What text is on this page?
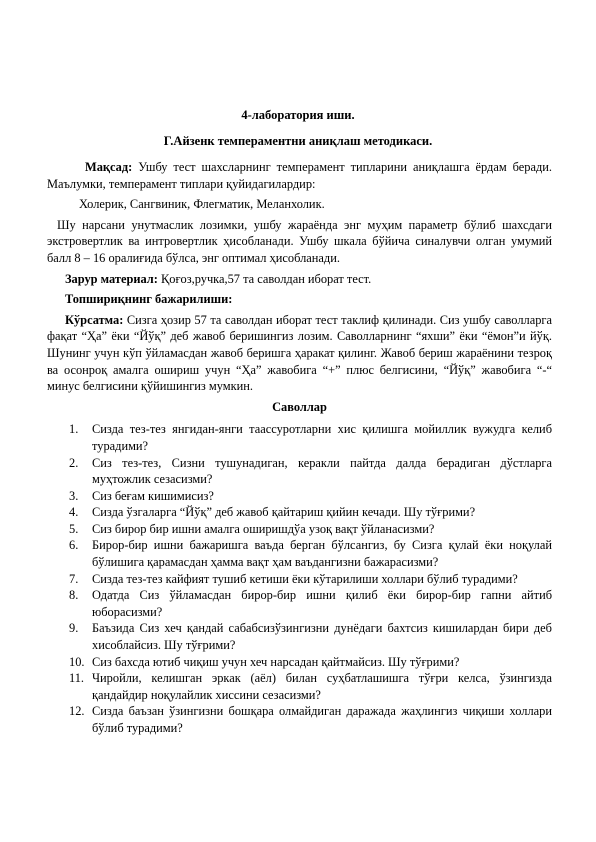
4-лаборатория иши.
Г.Айзенк темпераментни аниқлаш методикаси.

Мақсад: Ушбу тест шахсларнинг темперамент типларини аниқлашга ёрдам беради. Маълумки, темперамент типлари қуйидагилардир:

Холерик, Сангвиник, Флегматик, Меланхолик.

Шу нарсани унутмаслик лозимки, ушбу жараёнда энг муҳим параметр бўлиб шахсдаги экстровертлик ва интровертлик ҳисобланади. Ушбу шкала бўйича синалувчи олган умумий балл 8 – 16 оралиғида бўлса, энг оптимал ҳисобланади.

Зарур материал: Қоғоз,ручка,57 та саволдан иборат тест.

Топшириқнинг бажарилиши:

Кўрсатма: Сизга ҳозир 57 та саволдан иборат тест таклиф қилинади. Сиз ушбу саволларга фақат “Ҳа” ёки “Йўқ” деб жавоб беришингиз лозим. Саволларнинг “яхши” ёки “ёмон”и йўқ. Шунинг учун кўп ўйламасдан жавоб беришга ҳаракат қилинг. Жавоб бериш жараёнини тезроқ ва осонроқ амалга ошириш учун “Ҳа” жавобига “+” плюс белгисини, “Йўқ” жавобига “-“ минус белгисини қўйишингиз мумкин.

Саволлар
1.	Сизда тез-тез янгидан-янги таассуротларни хис қилишга мойиллик вужудга келиб турадими?
2.	Сиз тез-тез, Сизни тушунадиган, керакли пайтда далда берадиган дўстларга муҳтожлик сезасизми?
3.	Сиз беғам кишимисиз?
4.	Сизда ўзгаларга “Йўқ” деб жавоб қайтариш қийин кечади. Шу тўғрими?
5.	Сиз бирор бир ишни амалга оширишдўа узоқ вақт ўйланасизми?
6.	Бирор-бир ишни бажаришга ваъда берган бўлсангиз, бу Сизга қулай ёки ноқулай бўлишига қарамасдан ҳамма вақт ҳам ваъдангизни бажарасизми?
7.	Сизда тез-тез кайфият тушиб кетиши ёки кўтарилиши холлари бўлиб турадими?
8.	Одатда Сиз ўйламасдан бирор-бир ишни қилиб ёки бирор-бир гапни айтиб юборасизми?
9.	Баъзида Сиз хеч қандай сабабсизўзингизни дунёдаги бахтсиз кишилардан бири деб хисоблайсиз. Шу тўғрими?
10. Сиз бахсда ютиб чиқиш учун хеч нарсадан қайтмайсиз. Шу тўғрими?
11. Чиройли, келишган эркак (аёл) билан суҳбатлашишга тўғри келса, ўзингизда қандайдир ноқулайлик хиссини сезасизми?
12. Сизда баъзан ўзингизни бошқара олмайдиган даражада жаҳлингиз чиқиши холлари бўлиб турадими?
